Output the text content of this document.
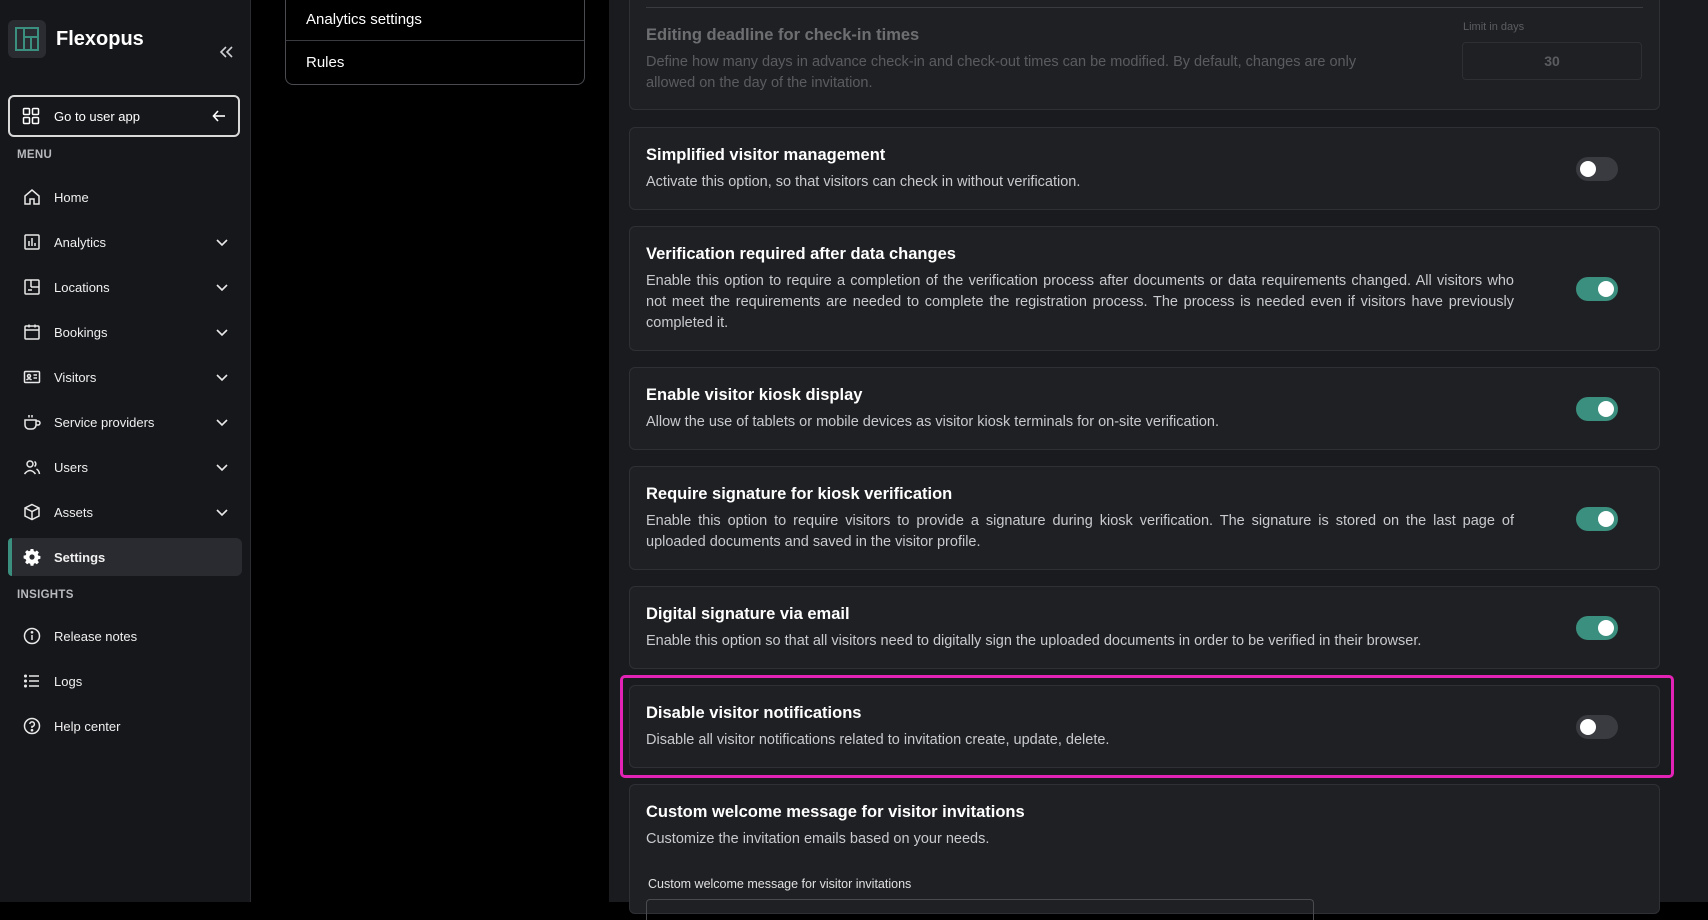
Flexopus
Go to user app
MENU
Home
Analytics
Locations
Bookings
Visitors
Service providers
Users
Assets
Settings
INSIGHTS
Release notes
Logs
Help center
Analytics settings
Rules
Editing deadline for check-in times
Define how many days in advance check-in and check-out times can be modified. By default, changes are only allowed on the day of the invitation.
Limit in days
30
Simplified visitor management
Activate this option, so that visitors can check in without verification.
Verification required after data changes
Enable this option to require a completion of the verification process after documents or data requirements changed. All visitors who not meet the requirements are needed to complete the registration process. The process is needed even if visitors have previously completed it.
Enable visitor kiosk display
Allow the use of tablets or mobile devices as visitor kiosk terminals for on-site verification.
Require signature for kiosk verification
Enable this option to require visitors to provide a signature during kiosk verification. The signature is stored on the last page of uploaded documents and saved in the visitor profile.
Digital signature via email
Enable this option so that all visitors need to digitally sign the uploaded documents in order to be verified in their browser.
Disable visitor notifications
Disable all visitor notifications related to invitation create, update, delete.
Custom welcome message for visitor invitations
Customize the invitation emails based on your needs.
Custom welcome message for visitor invitations
